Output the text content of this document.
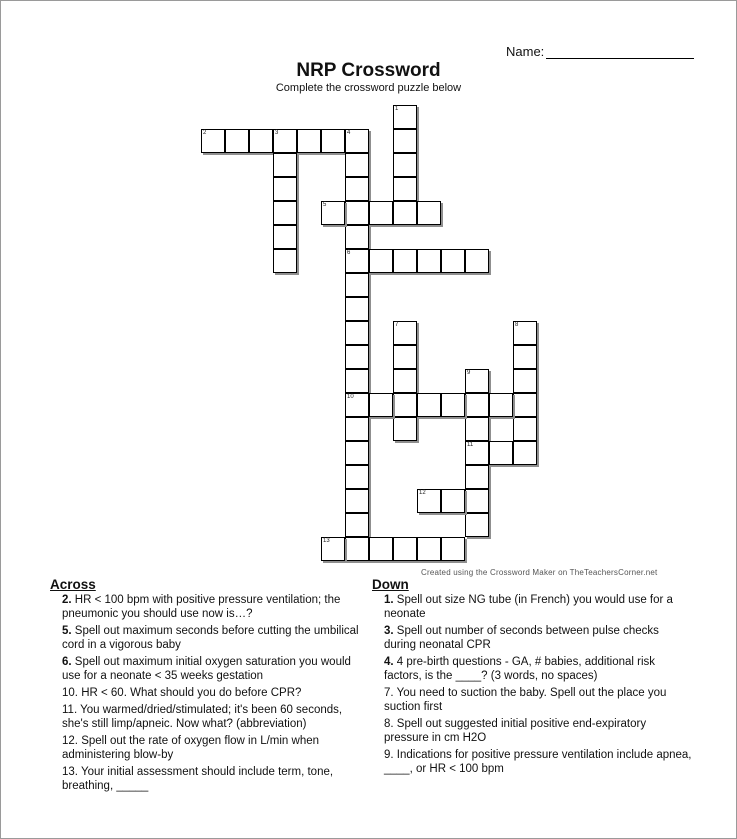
Name:
NRP Crossword
Complete the crossword puzzle below
1
2	3	4
6
10
5
7	8
9
11
12
13
Created using the Crossword Maker on TheTeachersCorner.net
Across
2. HR < 100 bpm with positive pressure ventilation; the pneumonic you should use now is…?
5. Spell out maximum seconds before cutting the umbilical cord in a vigorous baby
6. Spell out maximum initial oxygen saturation you would use for a neonate < 35 weeks gestation
10. HR < 60. What should you do before CPR?
11. You warmed/dried/stimulated; it's been 60 seconds, she's still limp/apneic. Now what? (abbreviation)
12. Spell out the rate of oxygen flow in L/min when administering blow-by
13. Your initial assessment should include term, tone, breathing, _____
Down
1. Spell out size NG tube (in French) you would use for a neonate
3. Spell out number of seconds between pulse checks during neonatal CPR
4. 4 pre-birth questions - GA, # babies, additional risk factors, is the ____? (3 words, no spaces)
7. You need to suction the baby. Spell out the place you suction first
8. Spell out suggested initial positive end-expiratory pressure in cm H2O
9. Indications for positive pressure ventilation include apnea, ____, or HR < 100 bpm
